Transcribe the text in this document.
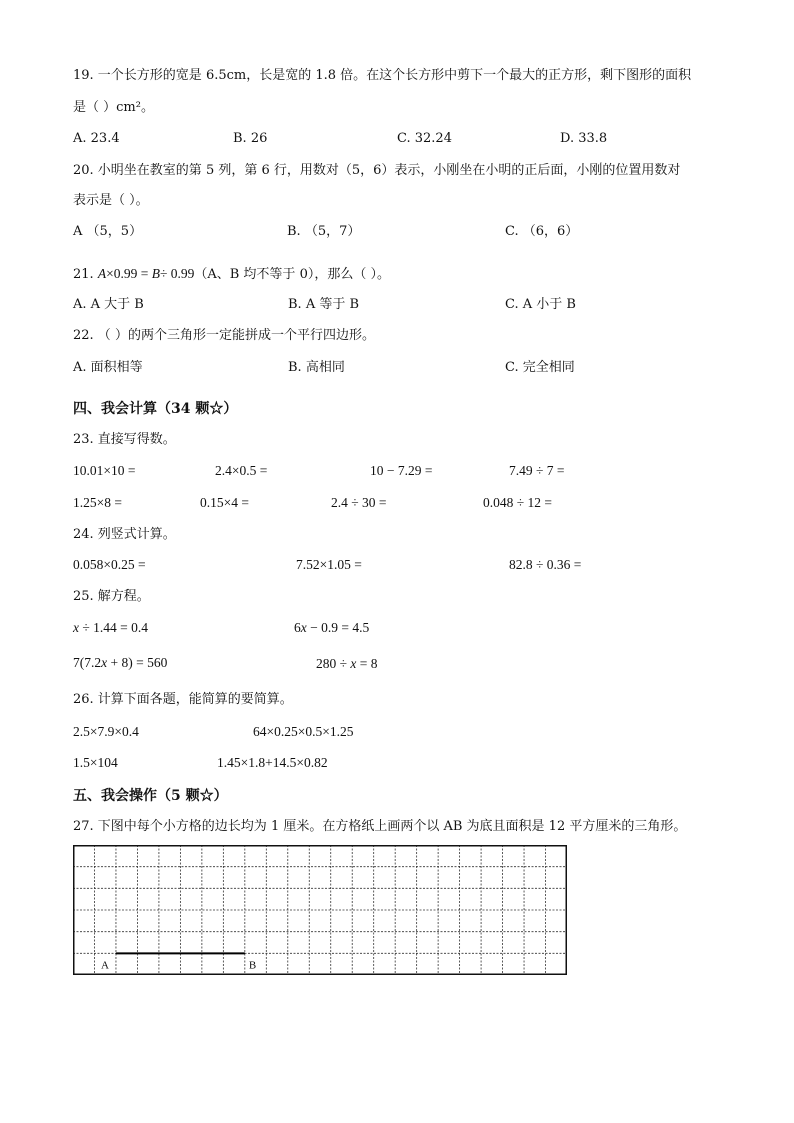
19. 一个长方形的宽是 6.5cm，长是宽的 1.8 倍。在这个长方形中剪下一个最大的正方形，剩下图形的面积
是（ ）cm²。
A. 23.4	B. 26	C. 32.24	D. 33.8
20. 小明坐在教室的第 5 列，第 6 行，用数对（5，6）表示，小刚坐在小明的正后面，小刚的位置用数对
表示是（ ）。
A （5，5）	B. （5，7）	C. （6，6）
21. A×0.99 = B÷ 0.99（A、B 均不等于 0），那么（ ）。
A. A 大于 B	B. A 等于 B	C. A 小于 B
22. （ ）的两个三角形一定能拼成一个平行四边形。
A. 面积相等	B. 高相同	C. 完全相同
四、我会计算（34 颗☆）
23. 直接写得数。
10.01×10 =	2.4×0.5 =	10 − 7.29 =	7.49 ÷ 7 =
1.25×8 =	0.15×4 =	2.4 ÷ 30 =	0.048 ÷ 12 =
24. 列竖式计算。
0.058×0.25 =	7.52×1.05 =	82.8 ÷ 0.36 =
25. 解方程。
x ÷ 1.44 = 0.4	6x − 0.9 = 4.5
7(7.2x + 8) = 560	280 ÷ x = 8
26. 计算下面各题，能简算的要简算。
2.5×7.9×0.4	64×0.25×0.5×1.25
1.5×104	1.45×1.8+14.5×0.82
五、我会操作（5 颗☆）
27. 下图中每个小方格的边长均为 1 厘米。在方格纸上画两个以 AB 为底且面积是 12 平方厘米的三角形。
A	B
